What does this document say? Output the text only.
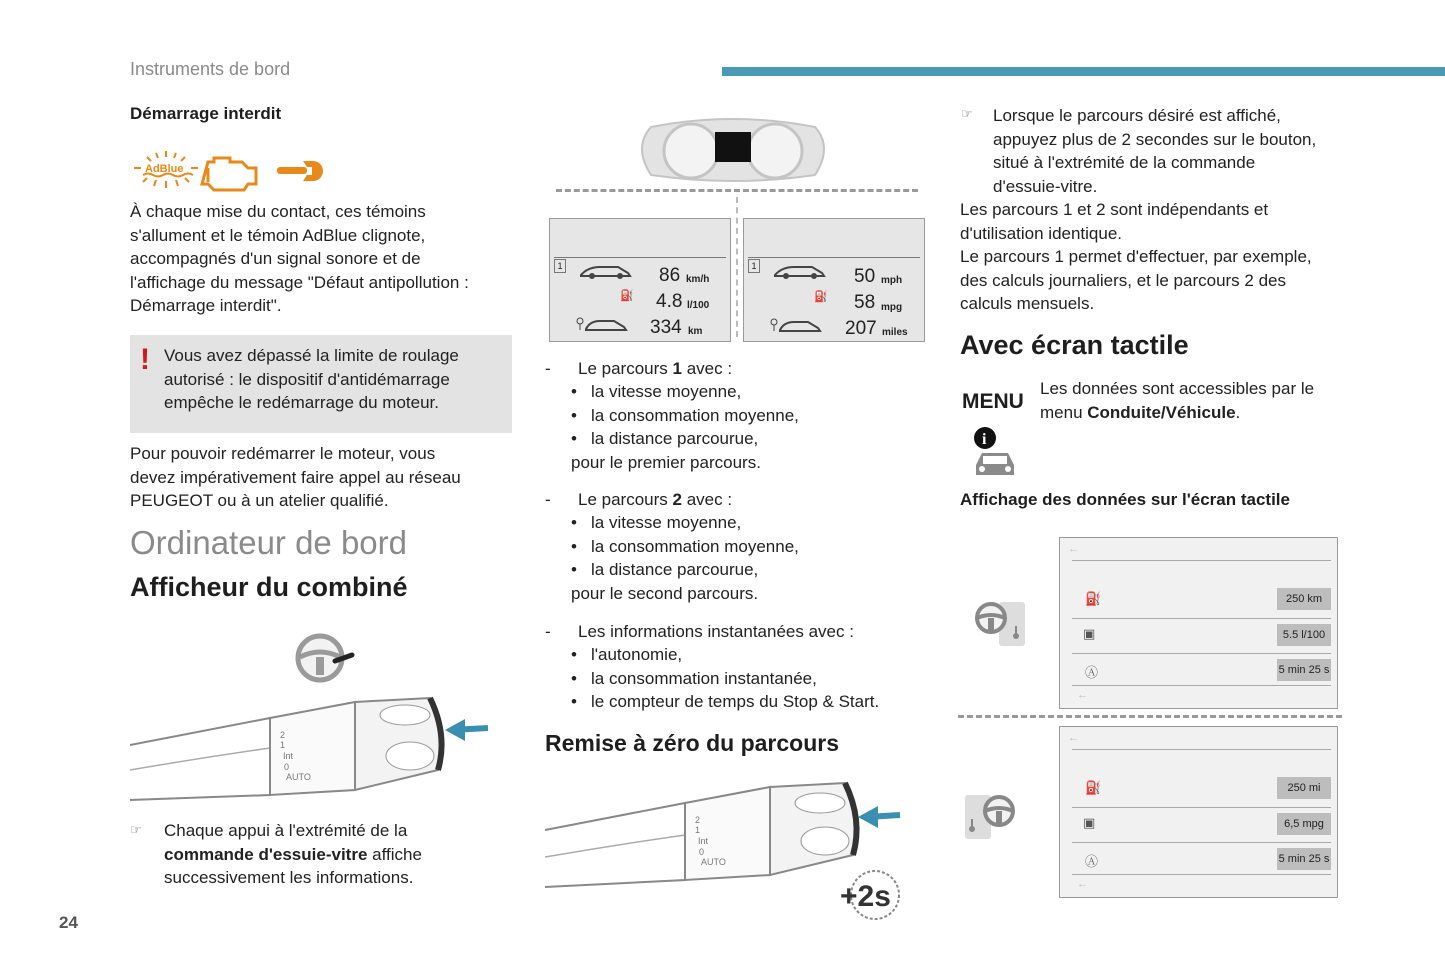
Instruments de bord
Démarrage interdit
AdBlue
À chaque mise du contact, ces témoins
s'allument et le témoin AdBlue clignote,
accompagnés d'un signal sonore et de
l'affichage du message "Défaut antipollution :
Démarrage interdit".
! Vous avez dépassé la limite de roulage
autorisé : le dispositif d'antidémarrage
empêche le redémarrage du moteur.
Pour pouvoir redémarrer le moteur, vous
devez impérativement faire appel au réseau
PEUGEOT ou à un atelier qualifié.
Ordinateur de bord
Afficheur du combiné
2
1
Int
0
AUTO
☞ Chaque appui à l'extrémité de la
commande d'essuie-vitre affiche
successivement les informations.
24
1
⛽
86 km/h
4.8 l/100
334 km
1
⛽
50 mph
58 mpg
207 miles
- Le parcours 1 avec :
• la vitesse moyenne,
• la consommation moyenne,
• la distance parcourue,
pour le premier parcours.
- Le parcours 2 avec :
• la vitesse moyenne,
• la consommation moyenne,
• la distance parcourue,
pour le second parcours.
- Les informations instantanées avec :
• l'autonomie,
• la consommation instantanée,
• le compteur de temps du Stop & Start.
Remise à zéro du parcours
2
1
Int
0
AUTO
+2s
☞ Lorsque le parcours désiré est affiché,
appuyez plus de 2 secondes sur le bouton,
situé à l'extrémité de la commande
d'essuie-vitre.
Les parcours 1 et 2 sont indépendants et
d'utilisation identique.
Le parcours 1 permet d'effectuer, par exemple,
des calculs journaliers, et le parcours 2 des
calculs mensuels.
Avec écran tactile
MENU
i
Les données sont accessibles par le
menu Conduite/Véhicule.
Affichage des données sur l'écran tactile
←
⛽	250 km
▣	5.5 l/100
Ⓐ	5 min 25 s
←
←
⛽	250 mi
▣	6,5 mpg
Ⓐ	5 min 25 s
←
